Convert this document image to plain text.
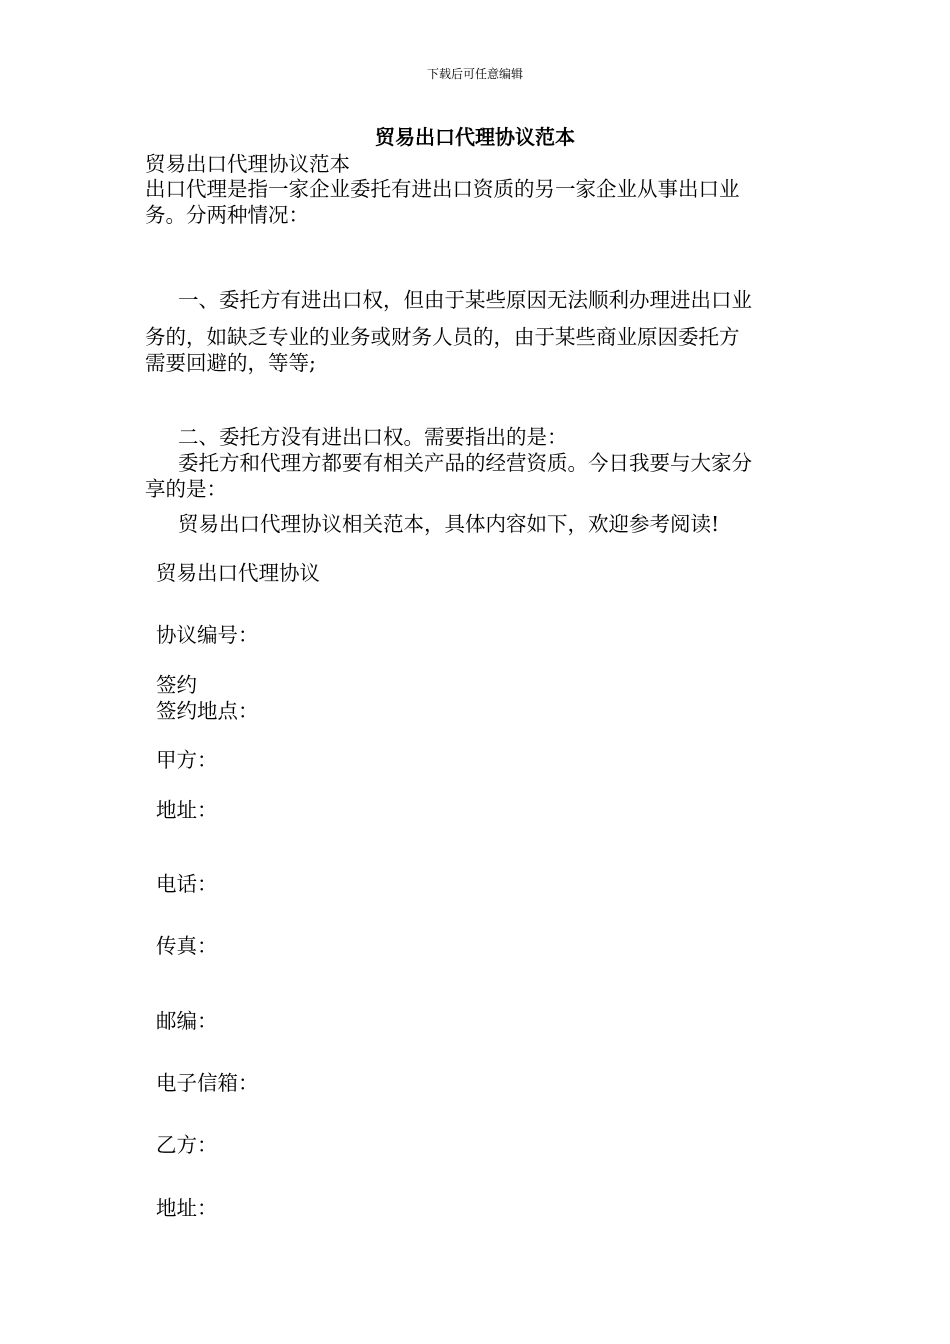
下载后可任意编辑
贸易出口代理协议范本
贸易出口代理协议范本
出口代理是指一家企业委托有进出口资质的另一家企业从事出口业
务。分两种情况：
一、委托方有进出口权，但由于某些原因无法顺利办理进出口业
务的，如缺乏专业的业务或财务人员的，由于某些商业原因委托方
需要回避的，等等;
二、委托方没有进出口权。需要指出的是：
委托方和代理方都要有相关产品的经营资质。今日我要与大家分
享的是：
贸易出口代理协议相关范本，具体内容如下，欢迎参考阅读!
贸易出口代理协议
协议编号：
签约
签约地点：
甲方：
地址：
电话：
传真：
邮编：
电子信箱：
乙方：
地址：
